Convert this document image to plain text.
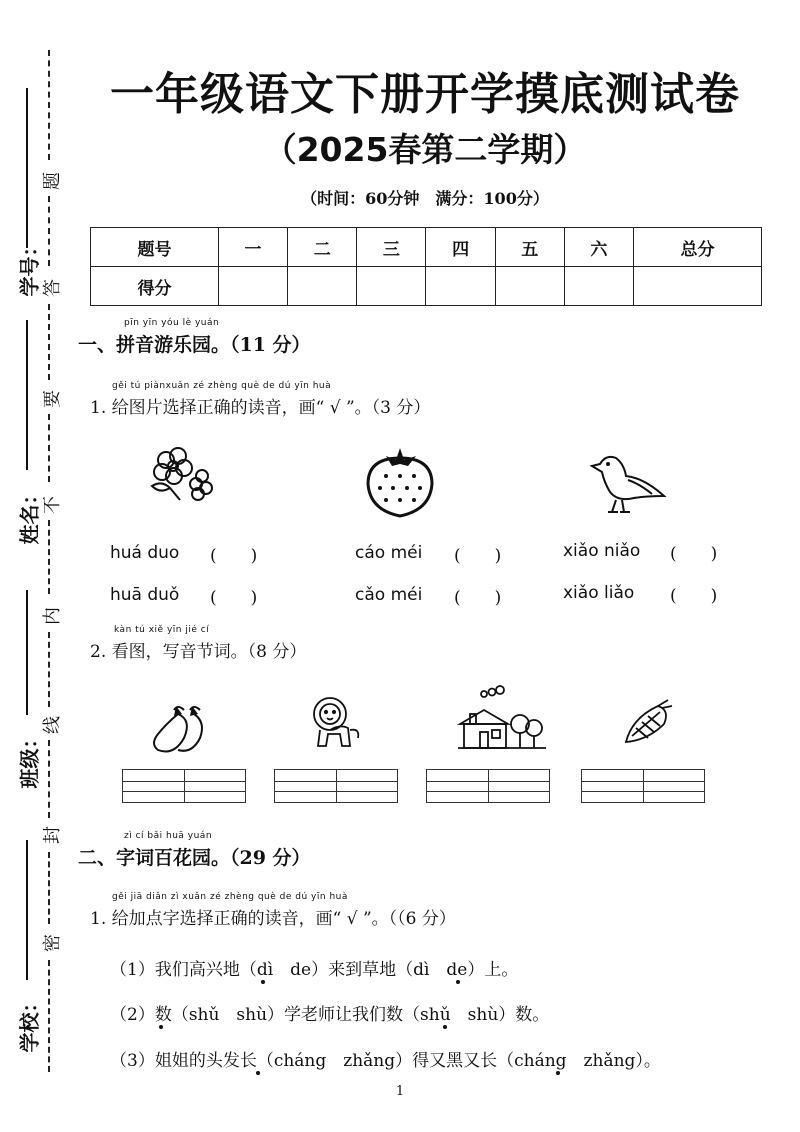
学号：
姓名：
班级：
学校：
题
答
要
不
内
线
封
密
一年级语文下册开学摸底测试卷
（2025春第二学期）
（时间：60分钟　满分：100分）
题号	一	二	三	四	五	六	总分
得分							
pīn yīn yóu lè yuán
一、拼音游乐园。（11 分）
gěi tú piànxuǎn zé zhèng què de dú yīn huà
1. 给图片选择正确的读音，画“ √ ”。（3 分）
huá duo (　　)
huā duǒ (　　)
cáo méi (　　)
cǎo méi (　　)
xiǎo niǎo (　　)
xiǎo liǎo (　　)
kàn tú xiě yīn jié cí
2. 看图，写音节词。（8 分）
zì cí bǎi huā yuán
二、字词百花园。（29 分）
gěi jiā diǎn zì xuǎn zé zhèng què de dú yīn huà
1. 给加点字选择正确的读音，画“ √ ”。（（6 分）
（1）我们高兴地（dì　de）来到草地（dì　de）上。
（2）数（shǔ　shù）学老师让我们数（shǔ　shù）数。
（3）姐姐的头发长（cháng　zhǎng）得又黑又长（cháng　zhǎng）。
1
